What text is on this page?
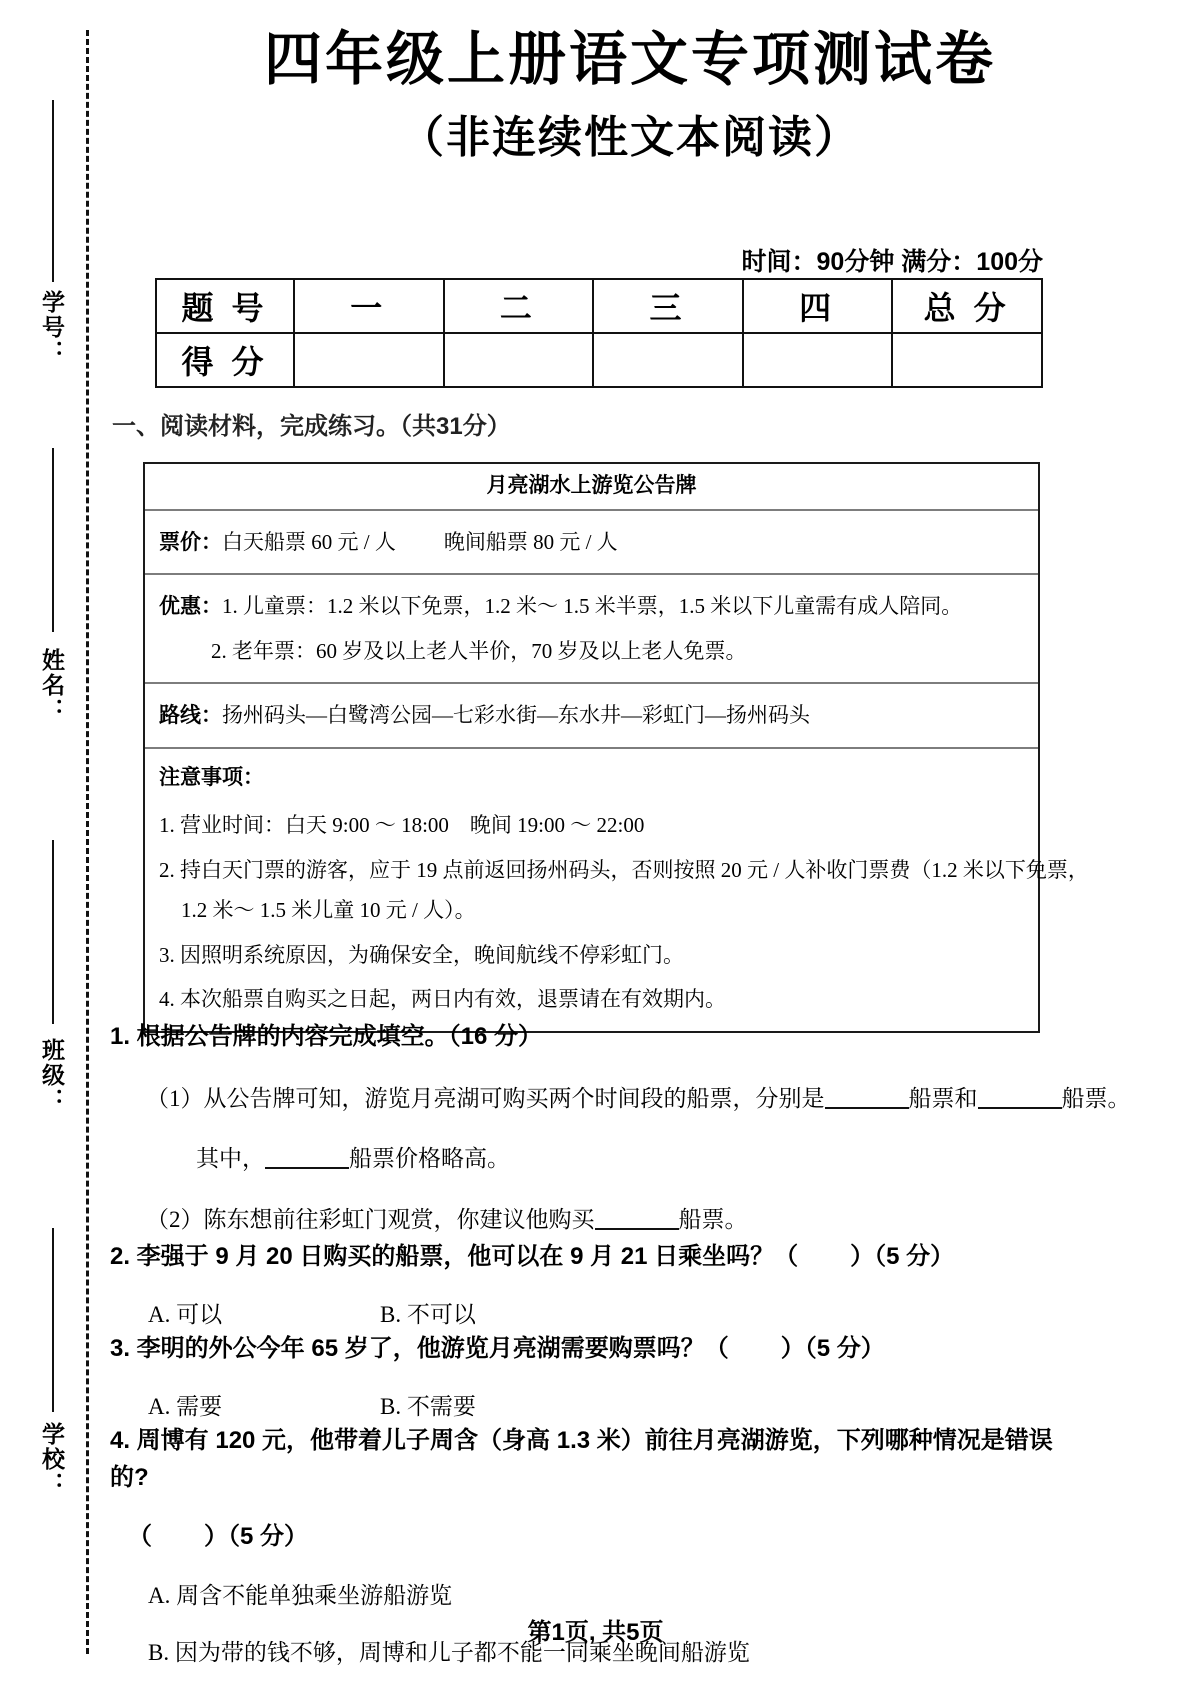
学号：
姓名：
班级：
学校：
四年级上册语文专项测试卷
（非连续性文本阅读）
时间：90分钟 满分：100分
题 号	一	二	三	四	总 分
得 分					
一、阅读材料，完成练习。（共31分）
月亮湖水上游览公告牌
票价：白天船票 60 元 / 人 晚间船票 80 元 / 人
优惠：1. 儿童票：1.2 米以下免票，1.2 米～ 1.5 米半票，1.5 米以下儿童需有成人陪同。
2. 老年票：60 岁及以上老人半价，70 岁及以上老人免票。
路线：扬州码头—白鹭湾公园—七彩水街—东水井—彩虹门—扬州码头
注意事项：
1. 营业时间：白天 9:00 ～ 18:00　晚间 19:00 ～ 22:00
2. 持白天门票的游客，应于 19 点前返回扬州码头，否则按照 20 元 / 人补收门票费（1.2 米以下免票，
1.2 米～ 1.5 米儿童 10 元 / 人）。
3. 因照明系统原因，为确保安全，晚间航线不停彩虹门。
4. 本次船票自购买之日起，两日内有效，退票请在有效期内。
1. 根据公告牌的内容完成填空。（16 分）
（1）从公告牌可知，游览月亮湖可购买两个时间段的船票，分别是	船票和	船票。
其中，	船票价格略高。
（2）陈东想前往彩虹门观赏，你建议他购买	船票。
2. 李强于 9 月 20 日购买的船票，他可以在 9 月 21 日乘坐吗？（ ）（5 分）
A. 可以	B. 不可以
3. 李明的外公今年 65 岁了，他游览月亮湖需要购票吗？（ ）（5 分）
A. 需要	B. 不需要
4. 周博有 120 元，他带着儿子周含（身高 1.3 米）前往月亮湖游览，下列哪种情况是错误的?
（ ）（5 分）
A. 周含不能单独乘坐游船游览
B. 因为带的钱不够，周博和儿子都不能一同乘坐晚间船游览
第1页, 共5页
